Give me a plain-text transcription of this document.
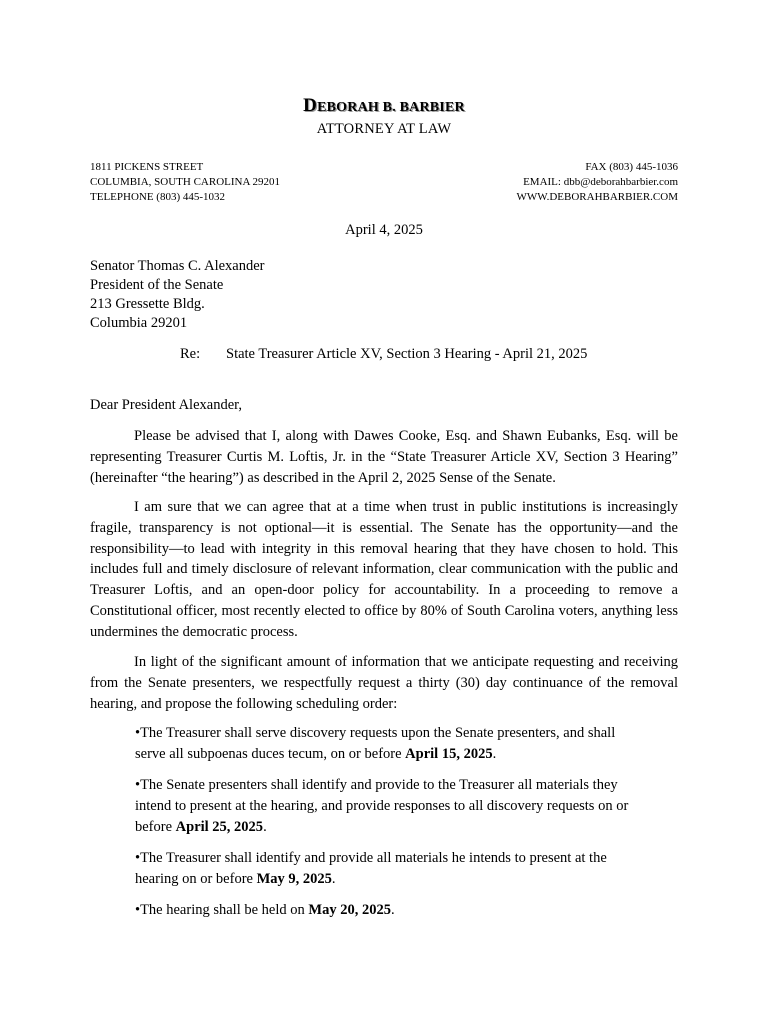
DEBORAH B. BARBIER
ATTORNEY AT LAW
1811 PICKENS STREET
COLUMBIA, SOUTH CAROLINA 29201
TELEPHONE (803) 445-1032
FAX (803) 445-1036
EMAIL: dbb@deborahbarbier.com
WWW.DEBORAHBARBIER.COM
April 4, 2025
Senator Thomas C. Alexander
President of the Senate
213 Gressette Bldg.
Columbia 29201
Re: State Treasurer Article XV, Section 3 Hearing - April 21, 2025
Dear President Alexander,

Please be advised that I, along with Dawes Cooke, Esq. and Shawn Eubanks, Esq. will be representing Treasurer Curtis M. Loftis, Jr. in the “State Treasurer Article XV, Section 3 Hearing” (hereinafter “the hearing”) as described in the April 2, 2025 Sense of the Senate.

I am sure that we can agree that at a time when trust in public institutions is increasingly fragile, transparency is not optional—it is essential. The Senate has the opportunity—and the responsibility—to lead with integrity in this removal hearing that they have chosen to hold. This includes full and timely disclosure of relevant information, clear communication with the public and Treasurer Loftis, and an open-door policy for accountability. In a proceeding to remove a Constitutional officer, most recently elected to office by 80% of South Carolina voters, anything less undermines the democratic process.

In light of the significant amount of information that we anticipate requesting and receiving from the Senate presenters, we respectfully request a thirty (30) day continuance of the removal hearing, and propose the following scheduling order:

•The Treasurer shall serve discovery requests upon the Senate presenters, and shall serve all subpoenas duces tecum, on or before April 15, 2025.

•The Senate presenters shall identify and provide to the Treasurer all materials they intend to present at the hearing, and provide responses to all discovery requests on or before April 25, 2025.

•The Treasurer shall identify and provide all materials he intends to present at the hearing on or before May 9, 2025.

•The hearing shall be held on May 20, 2025.
